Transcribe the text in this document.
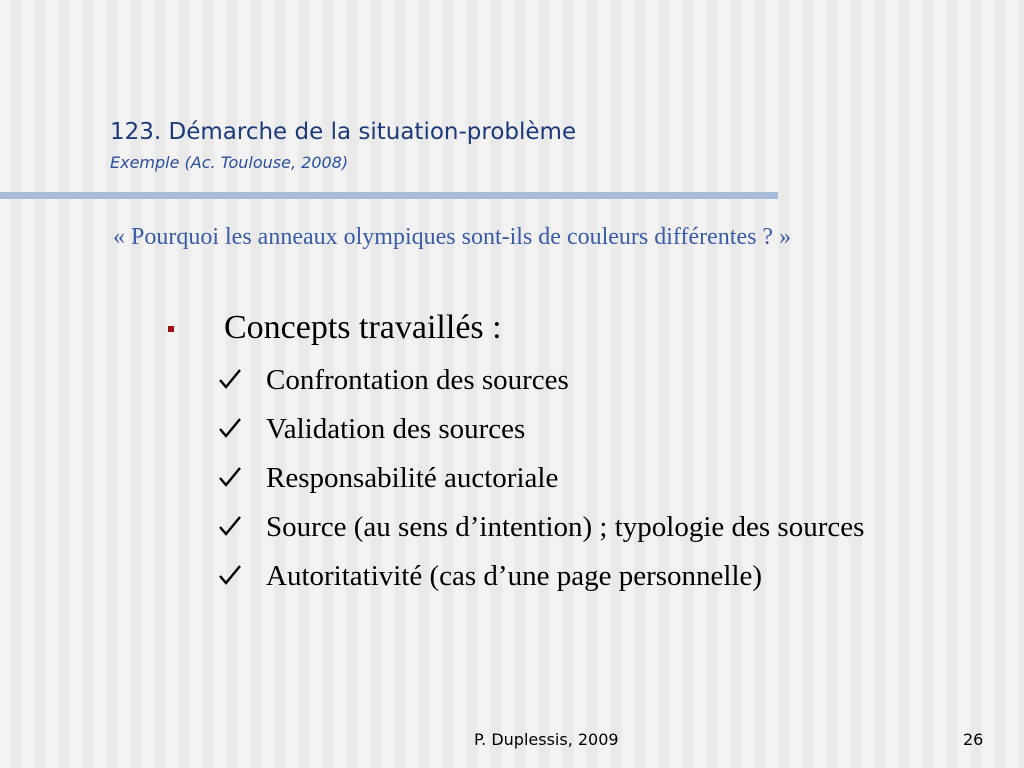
123. Démarche de la situation-problème
Exemple (Ac. Toulouse, 2008)
« Pourquoi les anneaux olympiques sont-ils de couleurs différentes ? »
Concepts travaillés :
Confrontation des sources
Validation des sources
Responsabilité auctoriale
Source (au sens d’intention) ; typologie des sources
Autoritativité (cas d’une page personnelle)
P. Duplessis, 2009	26
